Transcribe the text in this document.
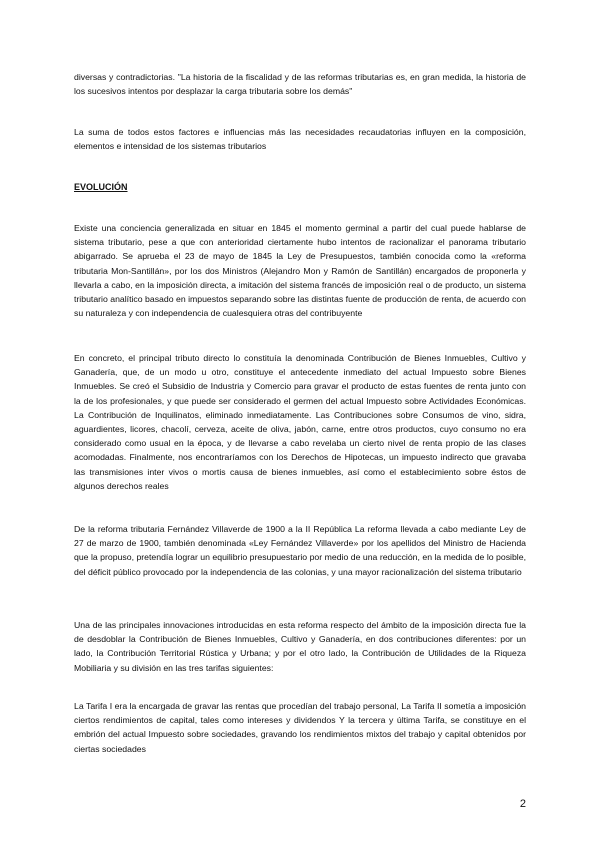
diversas y contradictorias. "La historia de la fiscalidad y de las reformas tributarias es, en gran medida, la historia de los sucesivos intentos por desplazar la carga tributaria sobre los demás"

La suma de todos estos factores e influencias más las necesidades recaudatorias influyen en la composición, elementos e intensidad de los sistemas tributarios

EVOLUCIÓN

Existe una conciencia generalizada en situar en 1845 el momento germinal a partir del cual puede hablarse de sistema tributario, pese a que con anterioridad ciertamente hubo intentos de racionalizar el panorama tributario abigarrado. Se aprueba el 23 de mayo de 1845 la Ley de Presupuestos, también conocida como la «reforma tributaria Mon-Santillán», por los dos Ministros (Alejandro Mon y Ramón de Santillán) encargados de proponerla y llevarla a cabo, en la imposición directa, a imitación del sistema francés de imposición real o de producto, un sistema tributario analítico basado en impuestos separando sobre las distintas fuente de producción de renta, de acuerdo con su naturaleza y con independencia de cualesquiera otras del contribuyente

En concreto, el principal tributo directo lo constituía la denominada Contribución de Bienes Inmuebles, Cultivo y Ganadería, que, de un modo u otro, constituye el antecedente inmediato del actual Impuesto sobre Bienes Inmuebles. Se creó el Subsidio de Industria y Comercio para gravar el producto de estas fuentes de renta junto con la de los profesionales, y que puede ser considerado el germen del actual Impuesto sobre Actividades Económicas. La Contribución de Inquilinatos, eliminado inmediatamente. Las Contribuciones sobre Consumos de vino, sidra, aguardientes, licores, chacolí, cerveza, aceite de oliva, jabón, carne, entre otros productos, cuyo consumo no era considerado como usual en la época, y de llevarse a cabo revelaba un cierto nivel de renta propio de las clases acomodadas. Finalmente, nos encontraríamos con los Derechos de Hipotecas, un impuesto indirecto que gravaba las transmisiones inter vivos o mortis causa de bienes inmuebles, así como el establecimiento sobre éstos de algunos derechos reales

De la reforma tributaria Fernández Villaverde de 1900 a la II República La reforma llevada a cabo mediante Ley de 27 de marzo de 1900, también denominada «Ley Fernández Villaverde» por los apellidos del Ministro de Hacienda que la propuso, pretendía lograr un equilibrio presupuestario por medio de una reducción, en la medida de lo posible, del déficit público provocado por la independencia de las colonias, y una mayor racionalización del sistema tributario

Una de las principales innovaciones introducidas en esta reforma respecto del ámbito de la imposición directa fue la de desdoblar la Contribución de Bienes Inmuebles, Cultivo y Ganadería, en dos contribuciones diferentes: por un lado, la Contribución Territorial Rústica y Urbana; y por el otro lado, la Contribución de Utilidades de la Riqueza Mobiliaria y su división en las tres tarifas siguientes:

La Tarifa I era la encargada de gravar las rentas que procedían del trabajo personal, La Tarifa II sometía a imposición ciertos rendimientos de capital, tales como intereses y dividendos Y la tercera y última Tarifa, se constituye en el embrión del actual Impuesto sobre sociedades, gravando los rendimientos mixtos del trabajo y capital obtenidos por ciertas sociedades

2
